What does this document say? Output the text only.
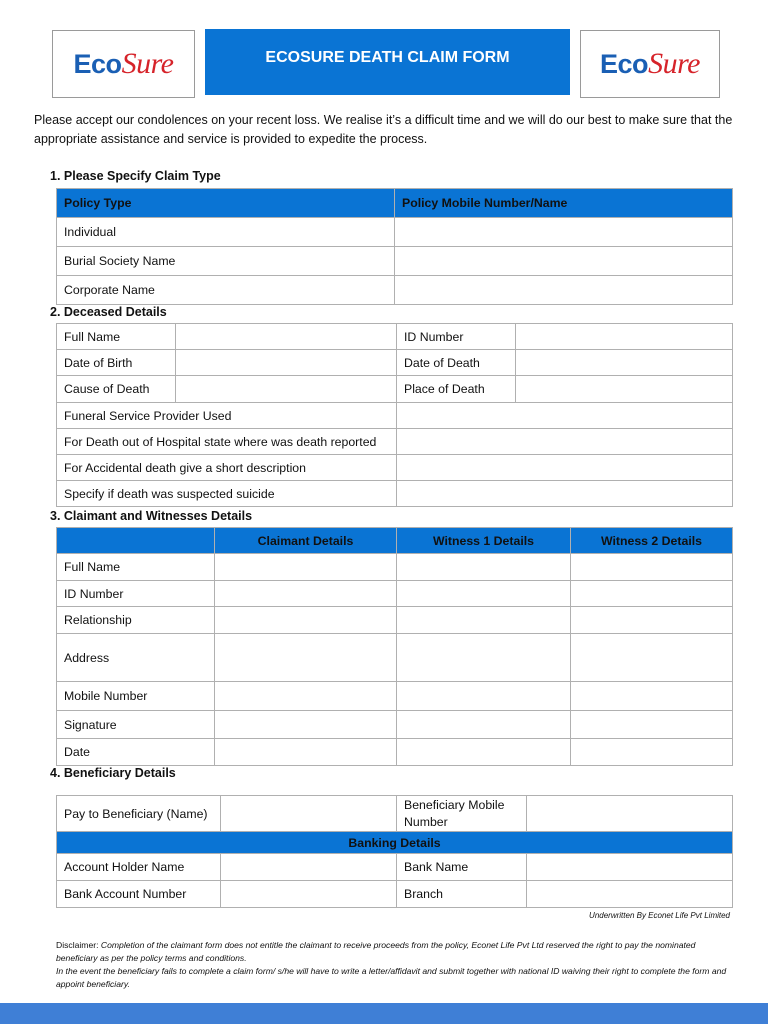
EcoSure	ECOSURE DEATH CLAIM FORM	EcoSure
Please accept our condolences on your recent loss. We realise it’s a difficult time and we will do our best to make sure that the appropriate assistance and service is provided to expedite the process.
1. Please Specify Claim Type
Policy Type	Policy Mobile Number/Name
Individual	
Burial Society Name	
Corporate Name	
2. Deceased Details
Full Name		ID Number	
Date of Birth		Date of Death	
Cause of Death		Place of Death	
Funeral Service Provider Used			
For Death out of Hospital state where was death reported			
For Accidental death give a short description			
Specify if death was suspected suicide			
3. Claimant and Witnesses Details
	Claimant Details	Witness 1 Details	Witness 2 Details
Full Name			
ID Number			
Relationship			
Address			
Mobile Number			
Signature			
Date			
4. Beneficiary Details
Pay to Beneficiary (Name)		Beneficiary Mobile Number	
Banking Details			
Account Holder Name		Bank Name	
Bank Account Number		Branch	
Underwritten By Econet Life Pvt Limited
Disclaimer: Completion of the claimant form does not entitle the claimant to receive proceeds from the policy, Econet Life Pvt Ltd reserved the right to pay the nominated beneficiary as per the policy terms and conditions.
In the event the beneficiary fails to complete a claim form/ s/he will have to write a letter/affidavit and submit together with national ID waiving their right to complete the form and appoint beneficiary.
